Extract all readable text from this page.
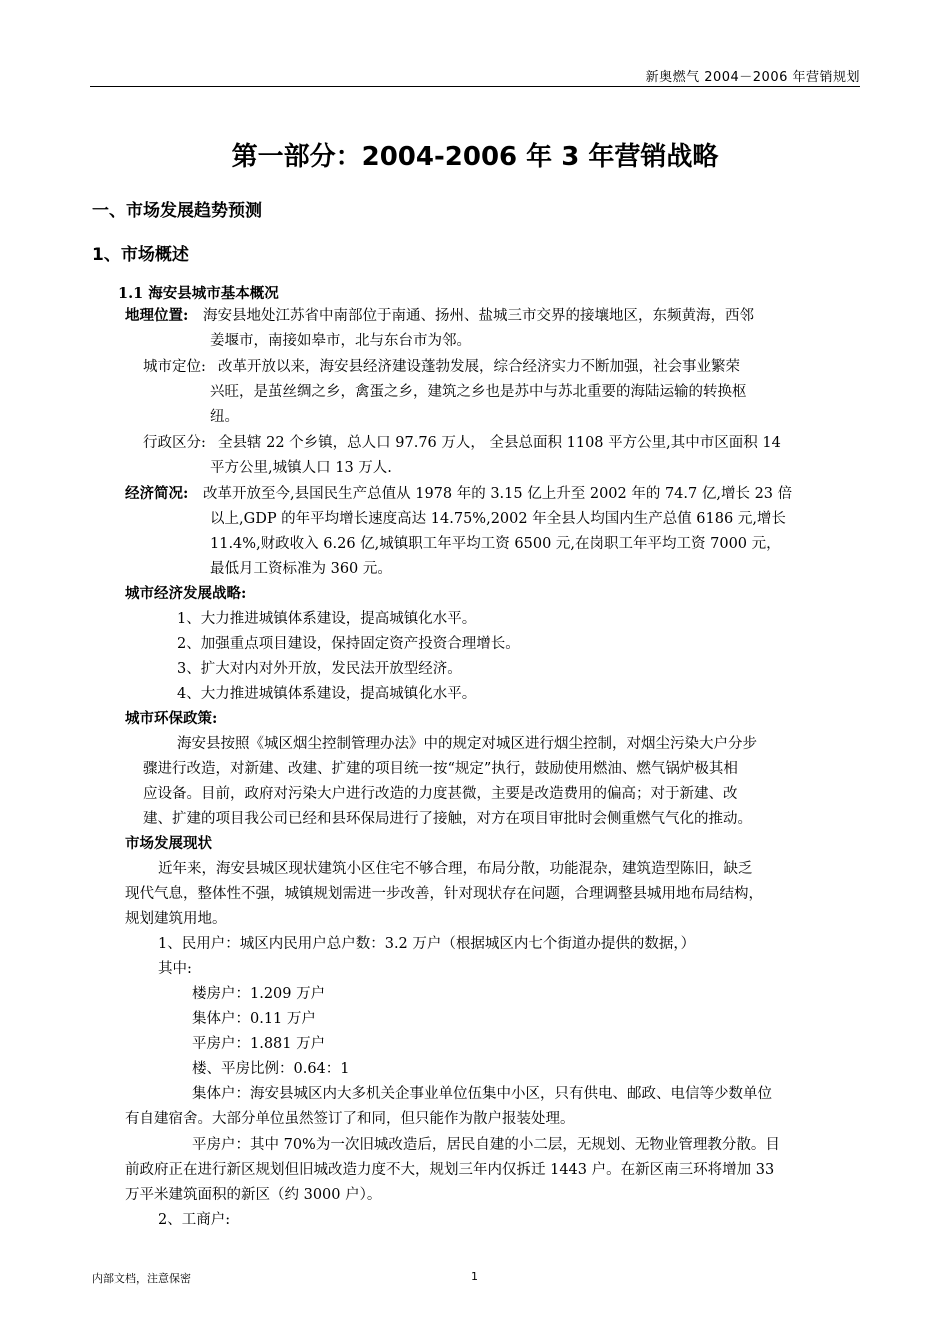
新奥燃气 2004－2006 年营销规划
第一部分：2004-2006 年 3 年营销战略
一、市场发展趋势预测
1、市场概述
1.1 海安县城市基本概况
地理位置: 海安县地处江苏省中南部位于南通、扬州、盐城三市交界的接壤地区，东频黄海，西邻
姜堰市，南接如皋市，北与东台市为邻。
城市定位: 改革开放以来，海安县经济建设蓬勃发展，综合经济实力不断加强，社会事业繁荣
兴旺，是茧丝绸之乡，禽蛋之乡，建筑之乡也是苏中与苏北重要的海陆运输的转换枢
纽。
行政区分: 全县辖 22 个乡镇，总人口 97.76 万人， 全县总面积 1108 平方公里,其中市区面积 14
平方公里,城镇人口 13 万人.
经济简况: 改革开放至今,县国民生产总值从 1978 年的 3.15 亿上升至 2002 年的 74.7 亿,增长 23 倍
以上,GDP 的年平均增长速度高达 14.75%,2002 年全县人均国内生产总值 6186 元,增长
11.4%,财政收入 6.26 亿,城镇职工年平均工资 6500 元,在岗职工年平均工资 7000 元，
最低月工资标准为 360 元。
城市经济发展战略:
1、大力推进城镇体系建设，提高城镇化水平。
2、加强重点项目建设，保持固定资产投资合理增长。
3、扩大对内对外开放，发民法开放型经济。
4、大力推进城镇体系建设，提高城镇化水平。
城市环保政策:
海安县按照《城区烟尘控制管理办法》中的规定对城区进行烟尘控制，对烟尘污染大户分步
骤进行改造，对新建、改建、扩建的项目统一按“规定”执行，鼓励使用燃油、燃气锅炉极其相
应设备。目前，政府对污染大户进行改造的力度甚微，主要是改造费用的偏高；对于新建、改
建、扩建的项目我公司已经和县环保局进行了接触，对方在项目审批时会侧重燃气气化的推动。
市场发展现状
近年来，海安县城区现状建筑小区住宅不够合理，布局分散，功能混杂，建筑造型陈旧，缺乏
现代气息，整体性不强，城镇规划需进一步改善，针对现状存在问题，合理调整县城用地布局结构，
规划建筑用地。
1、民用户：城区内民用户总户数：3.2 万户（根据城区内七个街道办提供的数据，）
其中:
楼房户：1.209 万户
集体户：0.11 万户
平房户：1.881 万户
楼、平房比例：0.64：1
集体户：海安县城区内大多机关企事业单位伍集中小区，只有供电、邮政、电信等少数单位
有自建宿舍。大部分单位虽然签订了和同，但只能作为散户报装处理。
平房户：其中 70%为一次旧城改造后，居民自建的小二层，无规划、无物业管理教分散。目
前政府正在进行新区规划但旧城改造力度不大，规划三年内仅拆迁 1443 户。在新区南三环将增加 33
万平米建筑面积的新区（约 3000 户）。
2、工商户:
内部文档，注意保密	1
